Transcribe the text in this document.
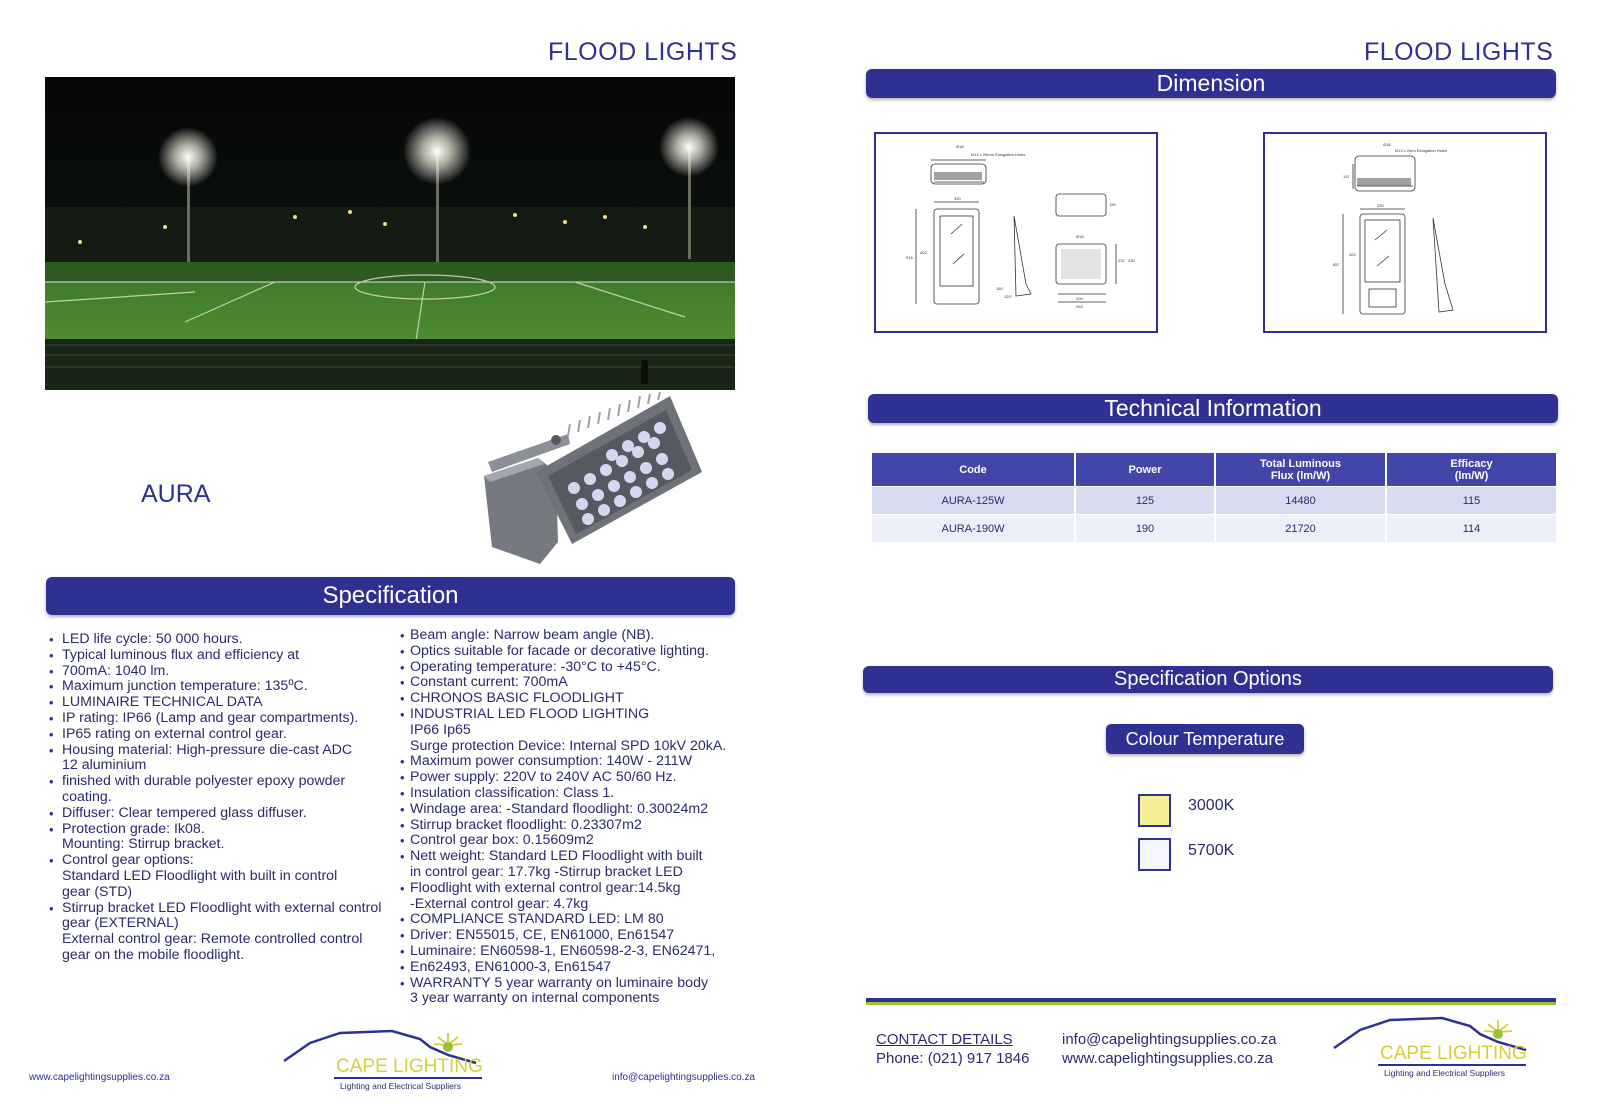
FLOOD LIGHTS
AURA
Specification
• LED life cycle: 50 000 hours.
• Typical luminous flux and efficiency at
• 700mA: 1040 lm.
• Maximum junction temperature: 135ºC.
• LUMINAIRE TECHNICAL DATA
• IP rating: IP66 (Lamp and gear compartments).
• IP65 rating on external control gear.
• Housing material: High-pressure die-cast ADC
12 aluminium
• finished with durable polyester epoxy powder
coating.
• Diffuser: Clear tempered glass diffuser.
• Protection grade: Ik08.
Mounting: Stirrup bracket.
• Control gear options:
Standard LED Floodlight with built in control
gear (STD)
• Stirrup bracket LED Floodlight with external control
gear (EXTERNAL)
External control gear: Remote controlled control
gear on the mobile floodlight.
• Beam angle: Narrow beam angle (NB).
• Optics suitable for facade or decorative lighting.
• Operating temperature: -30°C to +45°C.
• Constant current: 700mA
• CHRONOS BASIC FLOODLIGHT
• INDUSTRIAL LED FLOOD LIGHTING
IP66 Ip65
Surge protection Device: Internal SPD 10kV 20kA.
• Maximum power consumption: 140W - 211W
• Power supply: 220V to 240V AC 50/60 Hz.
• Insulation classification: Class 1.
• Windage area: -Standard floodlight: 0.30024m2
• Stirrup bracket floodlight: 0.23307m2
• Control gear box: 0.15609m2
• Nett weight: Standard LED Floodlight with built
in control gear: 17.7kg -Stirrup bracket LED
• Floodlight with external control gear:14.5kg
-External control gear: 4.7kg
• COMPLIANCE STANDARD LED: LM 80
• Driver: EN55015, CE, EN61000, En61547
• Luminaire: EN60598-1, EN60598-2-3, EN62471,
• En62493, EN61000-3, En61547
• WARRANTY 5 year warranty on luminaire body
3 year warranty on internal components
www.capelightingsupplies.co.za	info@capelightingsupplies.co.za
CAPE LIGHTING
Lighting and Electrical Suppliers
FLOOD LIGHTS
Dimension
Ø18
Ø13 x 29mm Elongation Holes
330
190
Ø18
232 230
200
263
180
120°
916
402
Ø18
Ø13 x 2mm Elongation Holes
330
402
857
137
Technical Information
Code	Power	Total Luminous
Flux (lm/W)	Efficacy
(lm/W)
AURA-125W	125	14480	115
AURA-190W	190	21720	114
Specification Options
Colour Temperature
3000K
5700K
CONTACT DETAILS
Phone: (021) 917 1846
info@capelightingsupplies.co.za
www.capelightingsupplies.co.za	CAPE LIGHTING
Lighting and Electrical Suppliers
